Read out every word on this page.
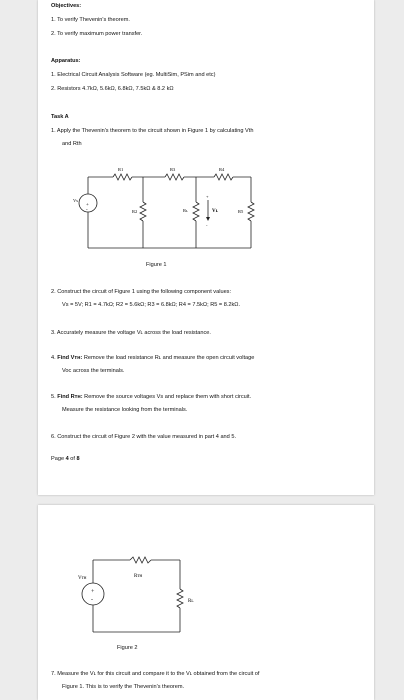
Objectives:
1. To verify Thevenin's theorem.
2. To verify maximum power transfer.
Apparatus:
1. Electrical Circuit Analysis Software (eg. MultiSim, PSim and etc)
2. Resistors 4.7kΩ, 5.6kΩ, 6.8kΩ, 7.5kΩ & 8.2 kΩ
Task A
1. Apply the Thevenin's theorem to the circuit shown in Figure 1 by calculating Vth
and Rth
+
-
Vs
R1	R3	R4
R2	Rʟ	Vʟ
+
-
R5
Figure 1
2. Construct the circuit of Figure 1 using the following component values:
Vs = 5V; R1 = 4.7kΩ; R2 = 5.6kΩ; R3 = 6.8kΩ; R4 = 7.5kΩ; R5 = 8.2kΩ.
3. Accurately measure the voltage Vʟ across the load resistance.
4. Find Vᴛʜ: Remove the load resistance Rʟ and measure the open circuit voltage
Voc across the terminals.
5. Find Rᴛʜ: Remove the source voltages Vs and replace them with short circuit.
Measure the resistance looking from the terminals.
6. Construct the circuit of Figure 2 with the value measured in part 4 and 5.
Page 4 of 8
+
-
Vᴛʜ	Rᴛʜ
Rʟ
Figure 2
7. Measure the Vʟ for this circuit and compare it to the Vʟ obtained from the circuit of
Figure 1. This is to verify the Thevenin's theorem.
